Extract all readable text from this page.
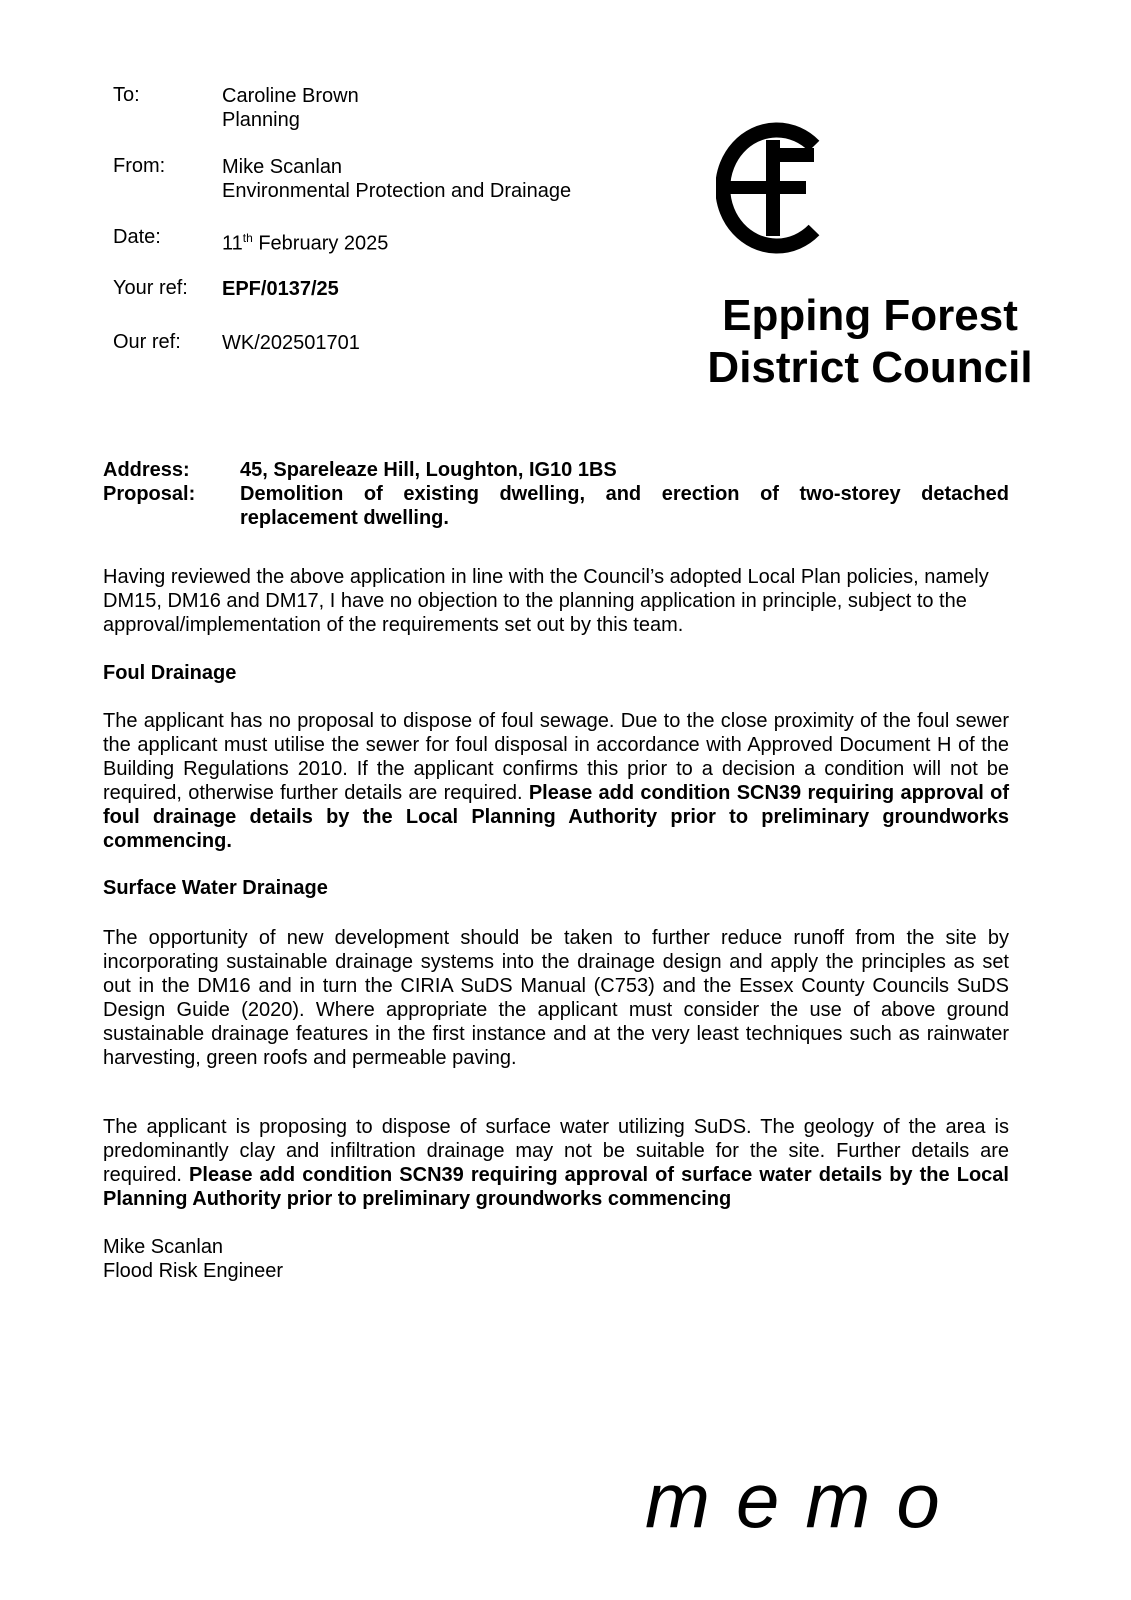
To:	Caroline Brown
Planning
From:	Mike Scanlan
Environmental Protection and Drainage
Date:	11th February 2025
Your ref: EPF/0137/25
Our ref: WK/202501701
Epping Forest
District Council
Address:	45, Spareleaze Hill, Loughton, IG10 1BS
Proposal: Demolition of existing dwelling, and erection of two-storey detached replacement dwelling.
Having reviewed the above application in line with the Council’s adopted Local Plan policies, namely DM15, DM16 and DM17, I have no objection to the planning application in principle, subject to the approval/implementation of the requirements set out by this team.
Foul Drainage
The applicant has no proposal to dispose of foul sewage. Due to the close proximity of the foul sewer the applicant must utilise the sewer for foul disposal in accordance with Approved Document H of the Building Regulations 2010. If the applicant confirms this prior to a decision a condition will not be required, otherwise further details are required. Please add condition SCN39 requiring approval of foul drainage details by the Local Planning Authority prior to preliminary groundworks commencing.
Surface Water Drainage
The opportunity of new development should be taken to further reduce runoff from the site by incorporating sustainable drainage systems into the drainage design and apply the principles as set out in the DM16 and in turn the CIRIA SuDS Manual (C753) and the Essex County Councils SuDS Design Guide (2020). Where appropriate the applicant must consider the use of above ground sustainable drainage features in the first instance and at the very least techniques such as rainwater harvesting, green roofs and permeable paving.
The applicant is proposing to dispose of surface water utilizing SuDS. The geology of the area is predominantly clay and infiltration drainage may not be suitable for the site. Further details are required. Please add condition SCN39 requiring approval of surface water details by the Local Planning Authority prior to preliminary groundworks commencing
Mike Scanlan
Flood Risk Engineer
memo
